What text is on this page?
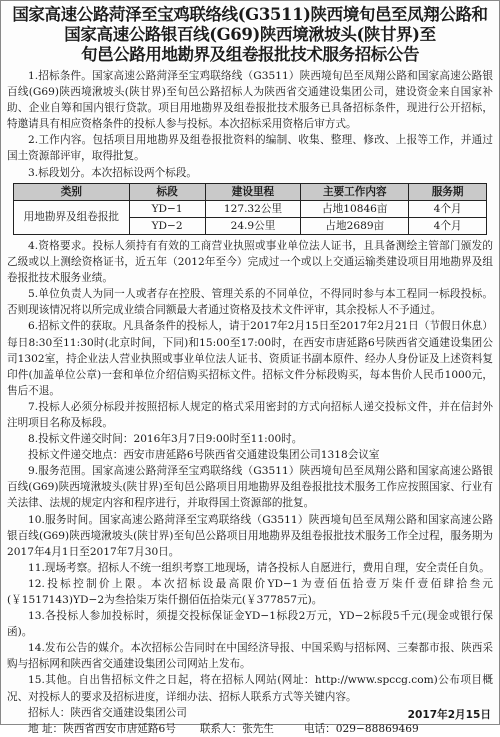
国家高速公路菏泽至宝鸡联络线(G3511)陕西境旬邑至凤翔公路和
国家高速公路银百线(G69)陕西境湫坡头(陕甘界)至
旬邑公路用地勘界及组卷报批技术服务招标公告

1.招标条件。国家高速公路菏泽至宝鸡联络线（G3511）陕西境旬邑至凤翔公路和国家高速公路银百线(G69)陕西境湫坡头(陕甘界)至旬邑公路招标人为陕西省交通建设集团公司，建设资金来自国家补助、企业自筹和国内银行贷款。项目用地勘界及组卷报批技术服务已具备招标条件，现进行公开招标，特邀请具有相应资格条件的投标人参与投标。本次招标采用资格后审方式。

2.工作内容。包括项目用地勘界及组卷报批资料的编制、收集、整理、修改、上报等工作，并通过国土资源部评审，取得批复。

3.标段划分。本次招标设两个标段。

类别	标段	建设里程	主要工作内容	服务期
用地勘界及组卷报批	YD−1	127.32公里	占地10846亩	4个月
	YD−2	24.9公里	占地2689亩	4个月

4.资格要求。投标人须持有有效的工商营业执照或事业单位法人证书，且具备测绘主管部门颁发的乙级或以上测绘资格证书，近五年（2012年至今）完成过一个或以上交通运输类建设项目用地勘界及组卷报批技术服务业绩。

5.单位负责人为同一人或者存在控股、管理关系的不同单位，不得同时参与本工程同一标段投标。否则现该情况将以所完成业绩合同额最大者通过资格及技术文件评审，其余投标人不予通过。

6.招标文件的获取。凡具备条件的投标人，请于2017年2月15日至2017年2月21日（节假日休息）每日8:30至11:30时(北京时间，下同)和15:00至17:00时，在西安市唐延路6号陕西省交通建设集团公司1302室，持企业法人营业执照或事业单位法人证书、资质证书副本原件、经办人身份证及上述资料复印件(加盖单位公章)一套和单位介绍信购买招标文件。招标文件分标段购买，每本售价人民币1000元，售后不退。

7.投标人必须分标段并按照招标人规定的格式采用密封的方式向招标人递交投标文件，并在信封外注明项目名称及标段。

8.投标文件递交时间：2016年3月7日9:00时至11:00时。

投标文件递交地点：西安市唐延路6号陕西省交通建设集团公司1318会议室

9.服务范围。国家高速公路菏泽至宝鸡联络线（G3511）陕西境旬邑至凤翔公路和国家高速公路银百线(G69)陕西境湫坡头(陕甘界)至旬邑公路项目用地勘界及组卷报批技术服务工作应按照国家、行业有关法律、法规的规定内容和程序进行，并取得国土资源部的批复。

10.服务时间。国家高速公路菏泽至宝鸡联络线（G3511）陕西境旬邑至凤翔公路和国家高速公路银百线(G69)陕西境湫坡头(陕甘界)至旬邑公路项目用地勘界及组卷报批技术服务工作全过程，服务期为2017年4月1日至2017年7月30日。

11.现场考察。招标人不统一组织考察工地现场，请各投标人自愿进行，费用自理，安全责任自负。

12.投标控制价上限。本次招标设最高限价YD−1为壹佰伍拾壹万柒仟壹佰肆拾叁元(￥1517143)YD−2为叁拾柒万柒仟捌佰伍拾柒元(￥377857元)。

13.各投标人参加投标时，须提交投标保证金YD−1标段2万元，YD−2标段5千元(现金或银行保函)。

14.发布公告的媒介。本次招标公告同时在中国经济导报、中国采购与招标网、三秦都市报、陕西采购与招标网和陕西省交通建设集团公司网站上发布。

15.其他。自出售招标文件之日起，将在招标人网站(网址：http://www.spccg.com)公布项目概况、对投标人的要求及招标进度，详细办法、招标人联系方式等关键内容。

招标人：陕西省交通建设集团公司

地 址：陕西省西安市唐延路6号 联系人：张先生	电话：029−88869469

2017年2月15日
